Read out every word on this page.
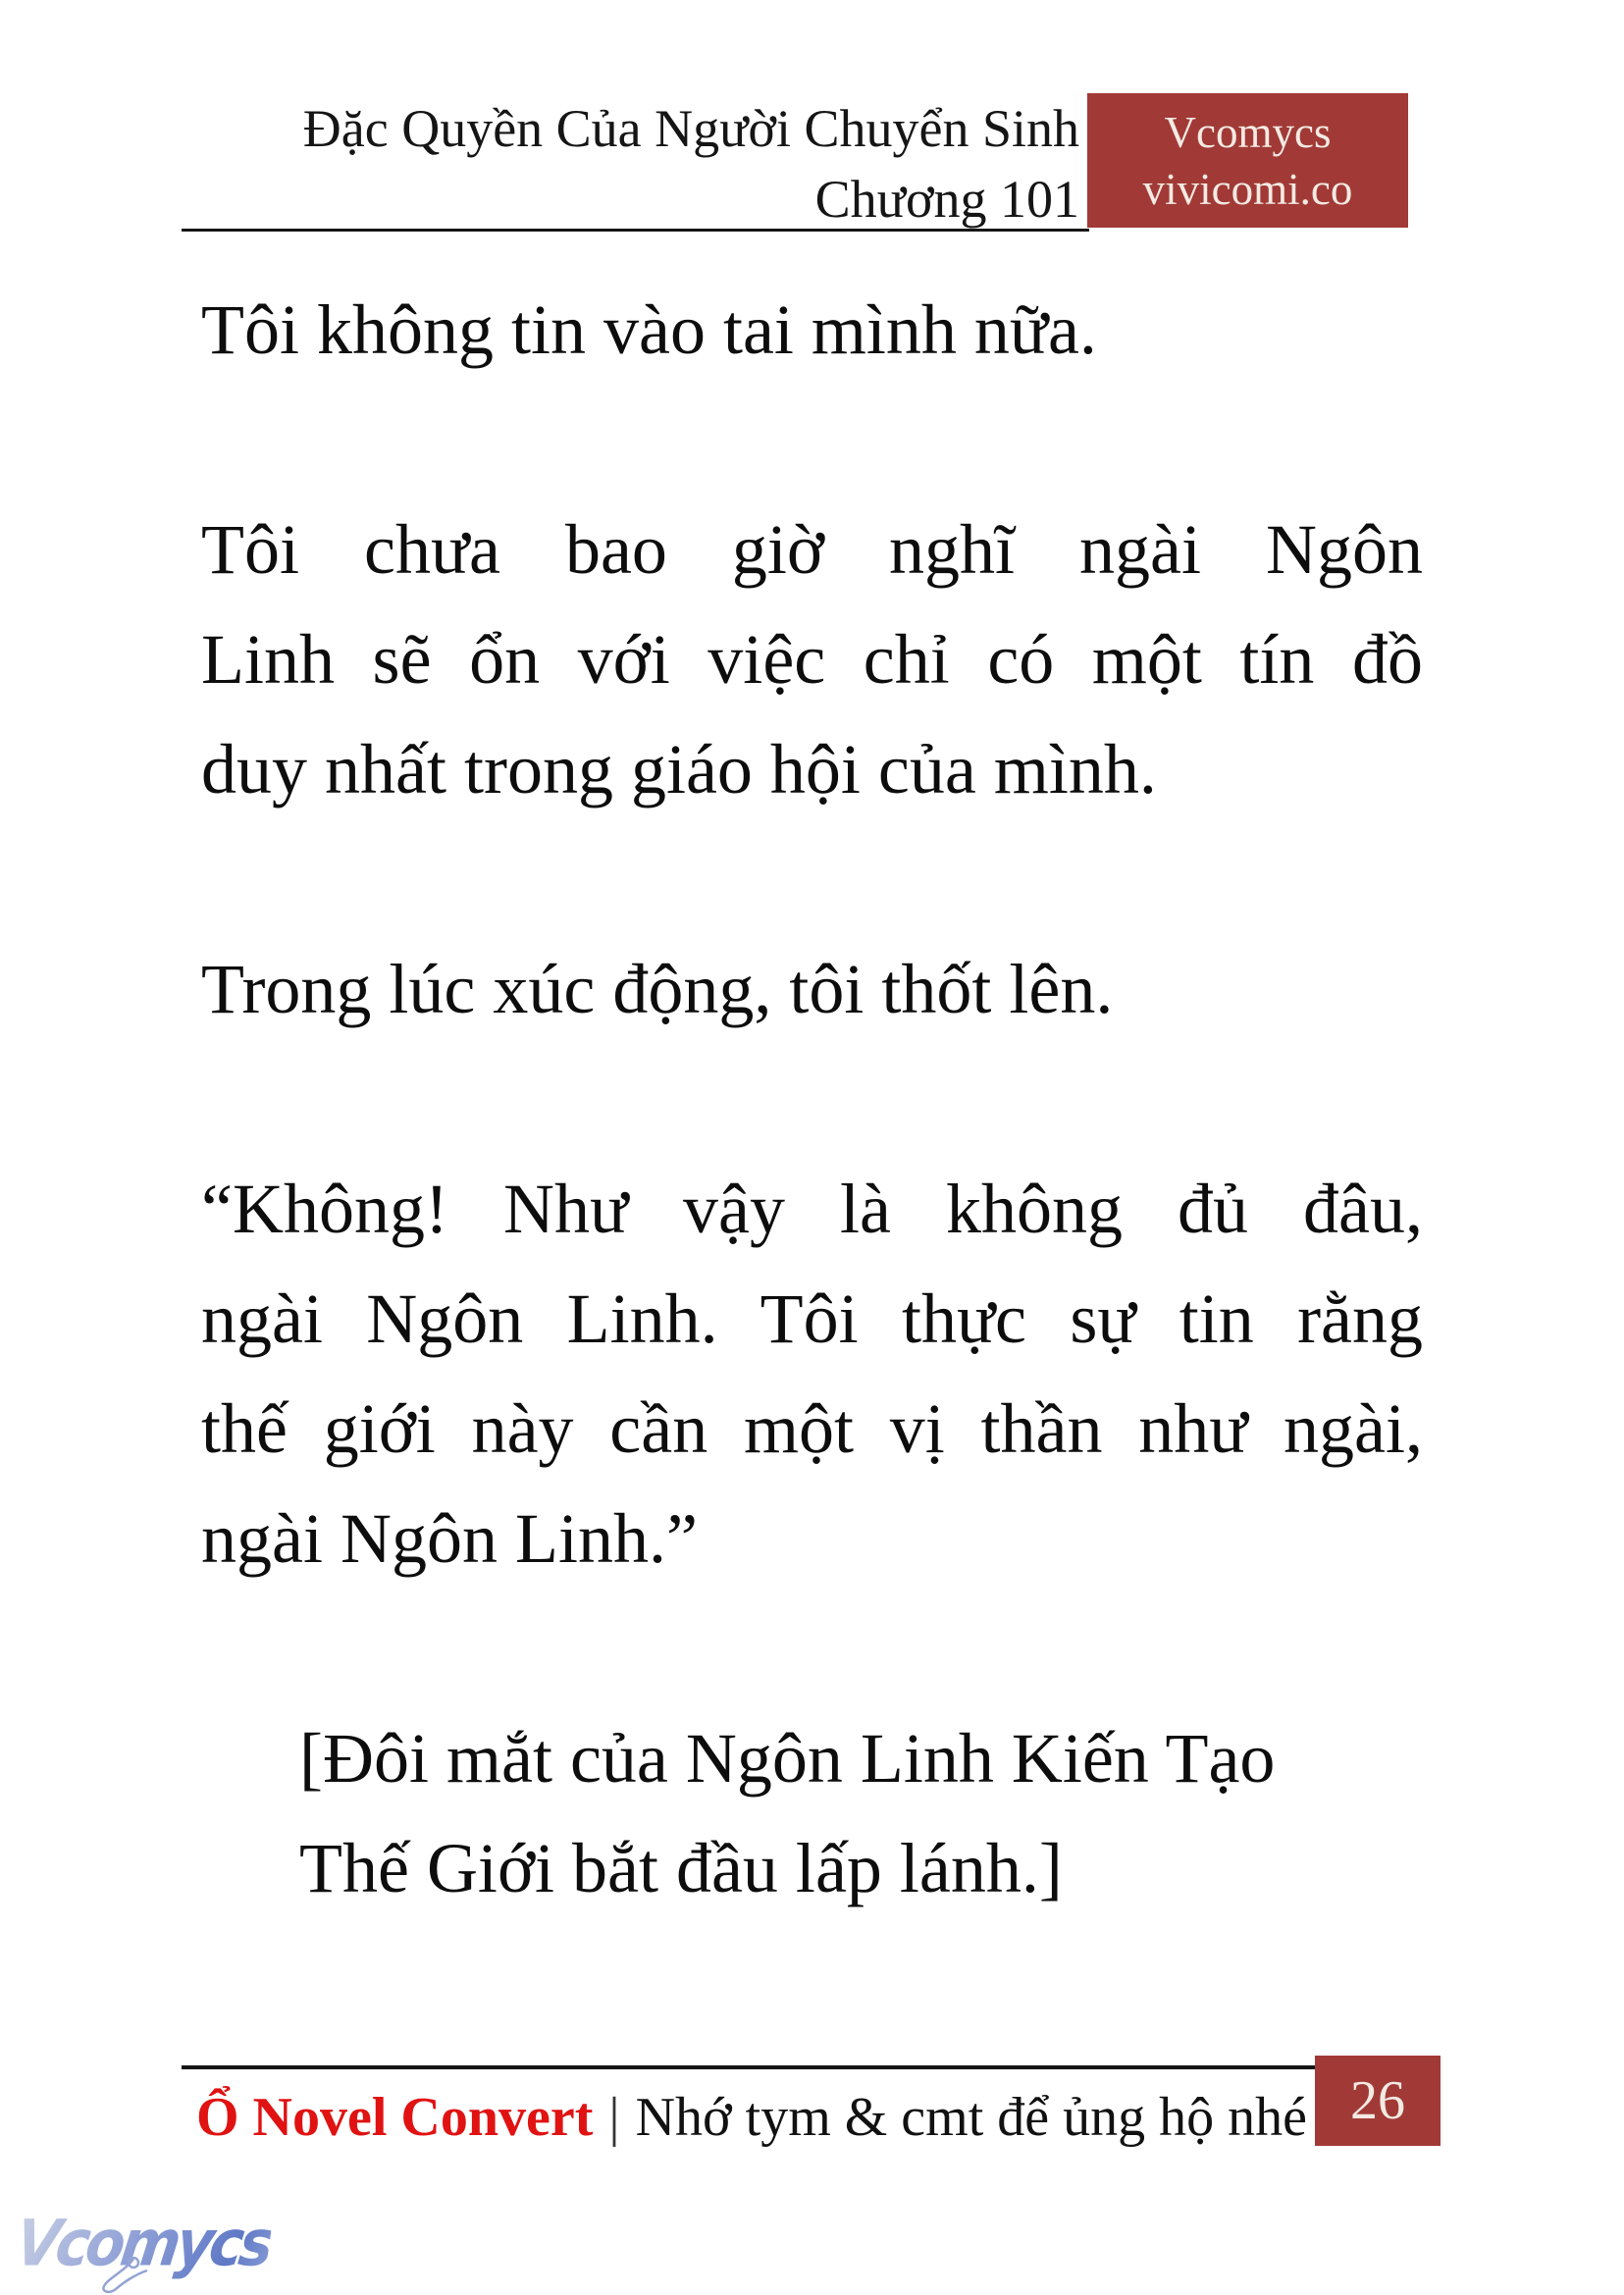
Đặc Quyền Của Người Chuyển Sinh
Chương 101
Vcomycs
vivicomi.co

Tôi không tin vào tai mình nữa.

Tôi chưa bao giờ nghĩ ngài Ngôn
Linh sẽ ổn với việc chỉ có một tín đồ
duy nhất trong giáo hội của mình.

Trong lúc xúc động, tôi thốt lên.

“Không! Như vậy là không đủ đâu,
ngài Ngôn Linh. Tôi thực sự tin rằng
thế giới này cần một vị thần như ngài,
ngài Ngôn Linh.”

[Đôi mắt của Ngôn Linh Kiến Tạo
Thế Giới bắt đầu lấp lánh.]

Ổ Novel Convert | Nhớ tym & cmt để ủng hộ nhé 26
Vcomycs
